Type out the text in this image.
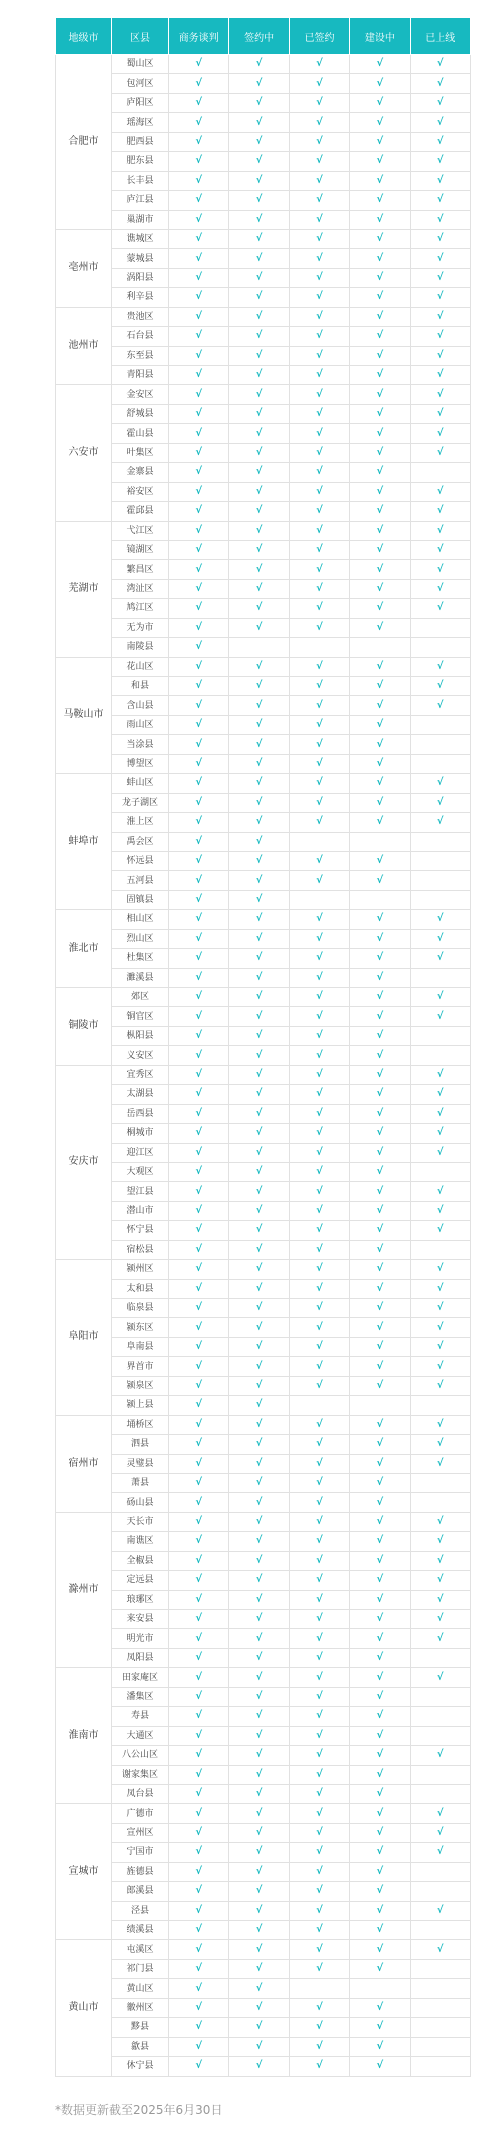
地级市	区县	商务谈判	签约中	已签约	建设中	已上线
合肥市	蜀山区	√	√	√	√	√
	包河区	√	√	√	√	√
	庐阳区	√	√	√	√	√
	瑶海区	√	√	√	√	√
	肥西县	√	√	√	√	√
	肥东县	√	√	√	√	√
	长丰县	√	√	√	√	√
	庐江县	√	√	√	√	√
	巢湖市	√	√	√	√	√
亳州市	谯城区	√	√	√	√	√
	蒙城县	√	√	√	√	√
	涡阳县	√	√	√	√	√
	利辛县	√	√	√	√	√
池州市	贵池区	√	√	√	√	√
	石台县	√	√	√	√	√
	东至县	√	√	√	√	√
	青阳县	√	√	√	√	√
六安市	金安区	√	√	√	√	√
	舒城县	√	√	√	√	√
	霍山县	√	√	√	√	√
	叶集区	√	√	√	√	√
	金寨县	√	√	√	√	
	裕安区	√	√	√	√	√
	霍邱县	√	√	√	√	√
芜湖市	弋江区	√	√	√	√	√
	镜湖区	√	√	√	√	√
	繁昌区	√	√	√	√	√
	湾沚区	√	√	√	√	√
	鸠江区	√	√	√	√	√
	无为市	√	√	√	√	
	南陵县	√				
马鞍山市	花山区	√	√	√	√	√
	和县	√	√	√	√	√
	含山县	√	√	√	√	√
	雨山区	√	√	√	√	
	当涂县	√	√	√	√	
	博望区	√	√	√	√	
蚌埠市	蚌山区	√	√	√	√	√
	龙子湖区	√	√	√	√	√
	淮上区	√	√	√	√	√
	禹会区	√	√			
	怀远县	√	√	√	√	
	五河县	√	√	√	√	
	固镇县	√	√			
淮北市	相山区	√	√	√	√	√
	烈山区	√	√	√	√	√
	杜集区	√	√	√	√	√
	濉溪县	√	√	√	√	
铜陵市	郊区	√	√	√	√	√
	铜官区	√	√	√	√	√
	枞阳县	√	√	√	√	
	义安区	√	√	√	√	
安庆市	宜秀区	√	√	√	√	√
	太湖县	√	√	√	√	√
	岳西县	√	√	√	√	√
	桐城市	√	√	√	√	√
	迎江区	√	√	√	√	√
	大观区	√	√	√	√	
	望江县	√	√	√	√	√
	潜山市	√	√	√	√	√
	怀宁县	√	√	√	√	√
	宿松县	√	√	√	√	
阜阳市	颍州区	√	√	√	√	√
	太和县	√	√	√	√	√
	临泉县	√	√	√	√	√
	颍东区	√	√	√	√	√
	阜南县	√	√	√	√	√
	界首市	√	√	√	√	√
	颍泉区	√	√	√	√	√
	颍上县	√	√			
宿州市	埇桥区	√	√	√	√	√
	泗县	√	√	√	√	√
	灵璧县	√	√	√	√	√
	萧县	√	√	√	√	
	砀山县	√	√	√	√	
滁州市	天长市	√	√	√	√	√
	南谯区	√	√	√	√	√
	全椒县	√	√	√	√	√
	定远县	√	√	√	√	√
	琅琊区	√	√	√	√	√
	来安县	√	√	√	√	√
	明光市	√	√	√	√	√
	凤阳县	√	√	√	√	
淮南市	田家庵区	√	√	√	√	√
	潘集区	√	√	√	√	
	寿县	√	√	√	√	
	大通区	√	√	√	√	
	八公山区	√	√	√	√	√
	谢家集区	√	√	√	√	
	凤台县	√	√	√	√	
宣城市	广德市	√	√	√	√	√
	宣州区	√	√	√	√	√
	宁国市	√	√	√	√	√
	旌德县	√	√	√	√	
	郎溪县	√	√	√	√	
	泾县	√	√	√	√	√
	绩溪县	√	√	√	√	
黄山市	屯溪区	√	√	√	√	√
	祁门县	√	√	√	√	
	黄山区	√	√			
	徽州区	√	√	√	√	
	黟县	√	√	√	√	
	歙县	√	√	√	√	
	休宁县	√	√	√	√	
*数据更新截至2025年6月30日
